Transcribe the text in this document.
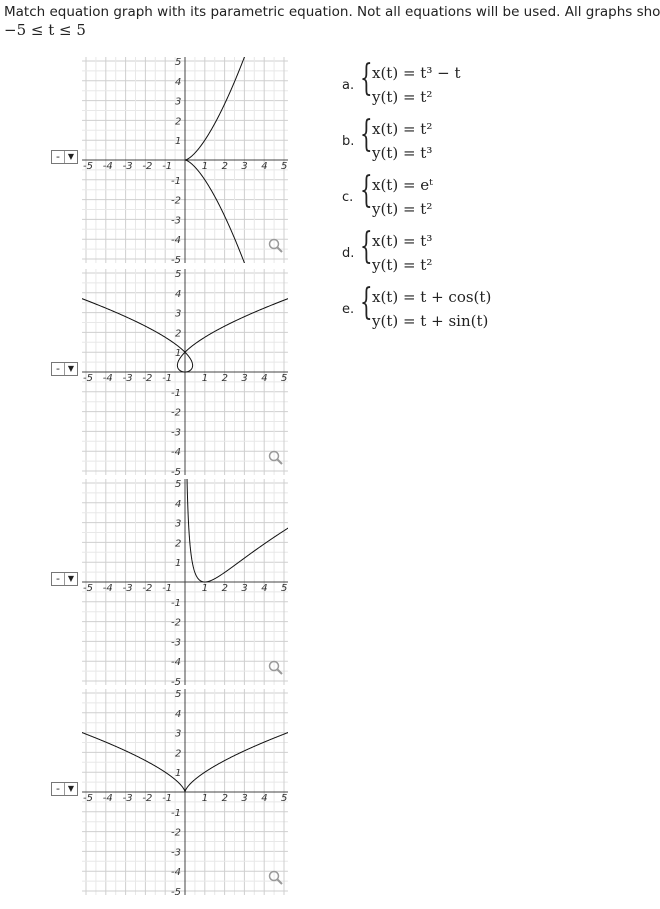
Match equation graph with its parametric equation. Not all equations will be used. All graphs sho
−5 ≤ t ≤ 5
- ▼
- ▼
- ▼
- ▼
-5 -4 -3 -2 -1	1 2 3 4 5
5
4
3
2
1
-1
-2
-3
-4
-5
-5 -4 -3 -2 -1	1 2 3 4 5
5
4
3
2
1
-1
-2
-3
-4
-5
-5 -4 -3 -2 -1	1 2 3 4 5
5
4
3
2
1
-1
-2
-3
-4
-5
-5 -4 -3 -2 -1	1 2 3 4 5
5
4
3
2
1
-1
-2
-3
-4
-5
a. { x(t) = t³ − t
y(t) = t²
b. { x(t) = t²
y(t) = t³
c. { x(t) = eᵗ
y(t) = t²
d. { x(t) = t³
y(t) = t²
e. { x(t) = t + cos(t)
y(t) = t + sin(t)
